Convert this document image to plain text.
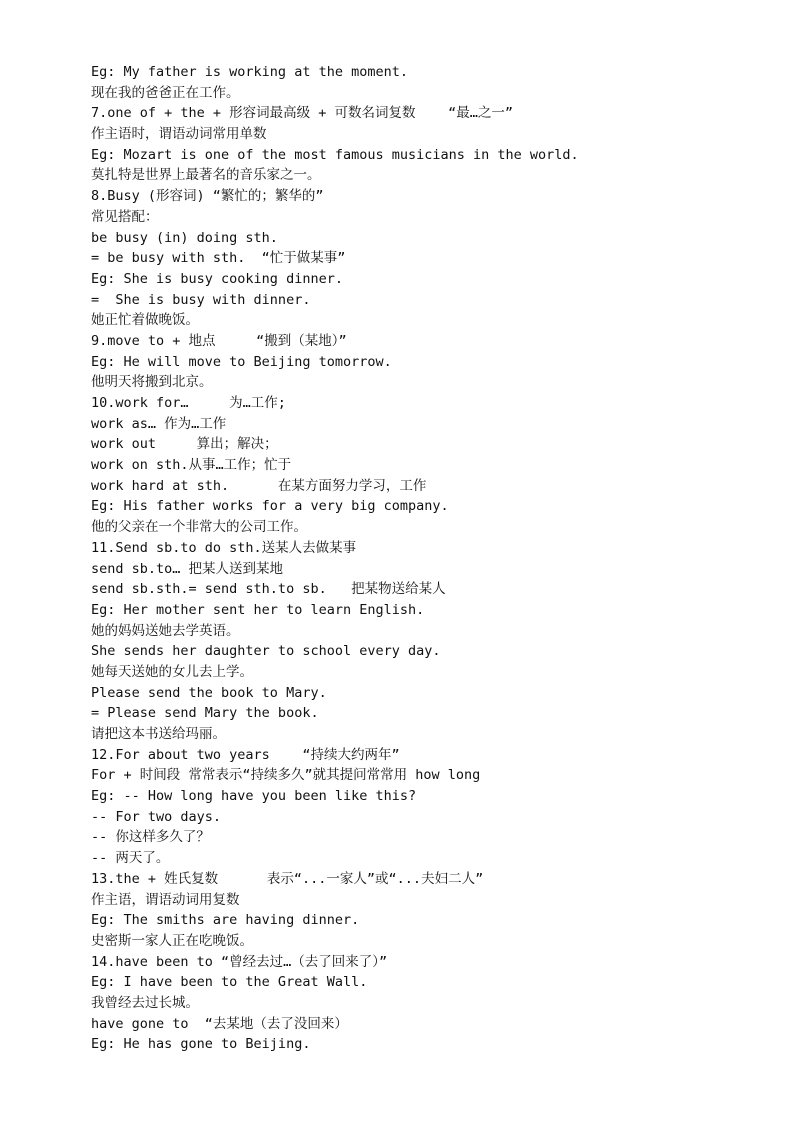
Eg: My father is working at the moment.
现在我的爸爸正在工作。
7.one of + the + 形容词最高级 + 可数名词复数    “最…之一”
作主语时，谓语动词常用单数
Eg: Mozart is one of the most famous musicians in the world.
莫扎特是世界上最著名的音乐家之一。
8.Busy (形容词) “繁忙的；繁华的”
常见搭配：
be busy (in) doing sth.
= be busy with sth.  “忙于做某事”
Eg: She is busy cooking dinner.
=  She is busy with dinner.
她正忙着做晚饭。
9.move to + 地点     “搬到（某地）”
Eg: He will move to Beijing tomorrow.
他明天将搬到北京。
10.work for…     为…工作;
work as… 作为…工作
work out     算出；解决；
work on sth.从事…工作；忙于
work hard at sth.      在某方面努力学习，工作
Eg: His father works for a very big company.
他的父亲在一个非常大的公司工作。
11.Send sb.to do sth.送某人去做某事
send sb.to… 把某人送到某地
send sb.sth.= send sth.to sb.   把某物送给某人
Eg: Her mother sent her to learn English.
她的妈妈送她去学英语。
She sends her daughter to school every day.
她每天送她的女儿去上学。
Please send the book to Mary.
= Please send Mary the book.
请把这本书送给玛丽。
12.For about two years    “持续大约两年”
For + 时间段 常常表示“持续多久”就其提问常常用 how long
Eg: -- How long have you been like this?
-- For two days.
-- 你这样多久了？
-- 两天了。
13.the + 姓氏复数      表示“...一家人”或“...夫妇二人”
作主语，谓语动词用复数
Eg: The smiths are having dinner.
史密斯一家人正在吃晚饭。
14.have been to “曾经去过…（去了回来了）”
Eg: I have been to the Great Wall.
我曾经去过长城。
have gone to  “去某地（去了没回来）
Eg: He has gone to Beijing.
